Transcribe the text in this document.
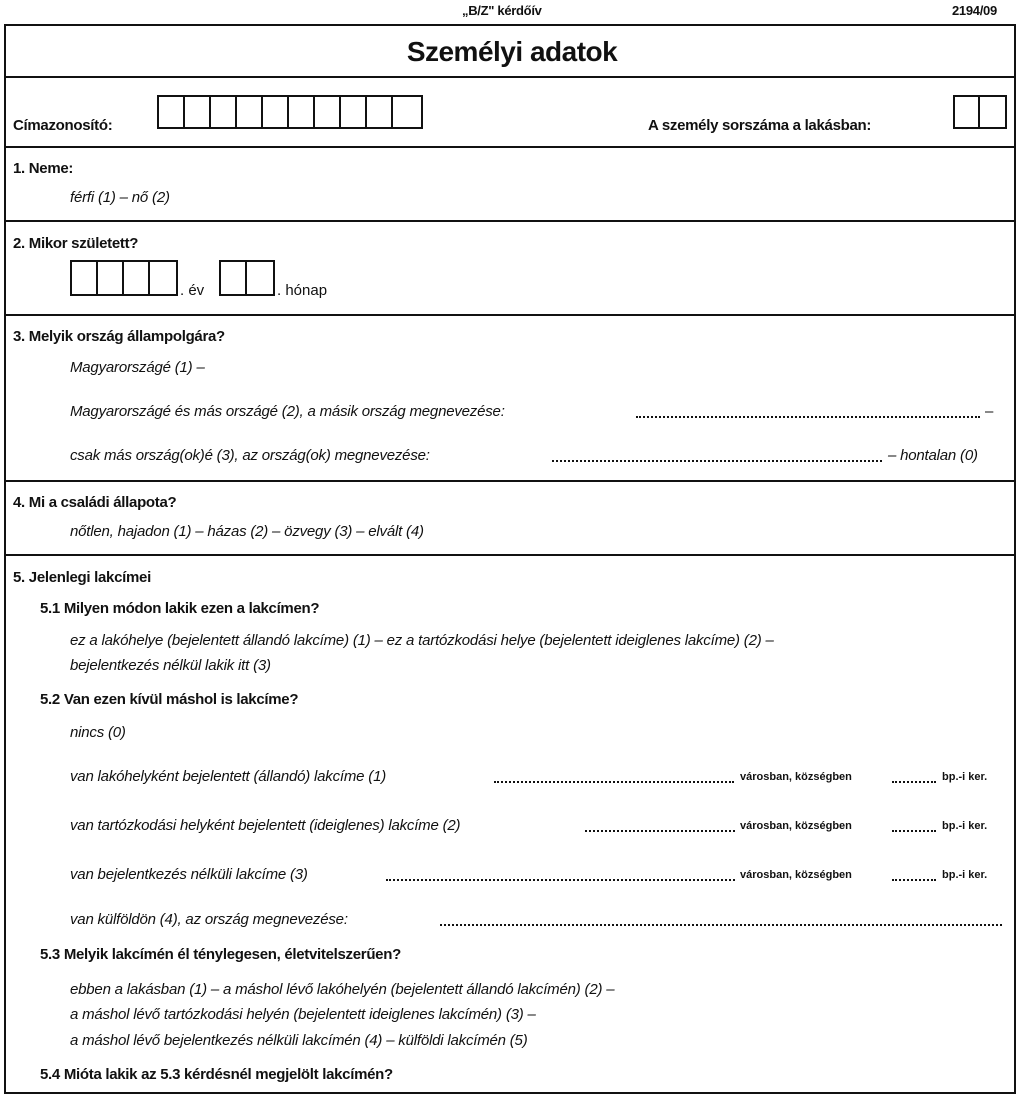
„B/Z" kérdőív	2194/09
Személyi adatok
Címazonosító:	A személy sorszáma a lakásban:
1. Neme:
férfi (1) – nő (2)
2. Mikor született?
. év	. hónap
3. Melyik ország állampolgára?
Magyarországé (1) –
Magyarországé és más országé (2), a másik ország megnevezése:	–
csak más ország(ok)é (3), az ország(ok) megnevezése:	– hontalan (0)
4. Mi a családi állapota?
nőtlen, hajadon (1) – házas (2) – özvegy (3) – elvált (4)
5. Jelenlegi lakcímei
5.1 Milyen módon lakik ezen a lakcímen?
ez a lakóhelye (bejelentett állandó lakcíme) (1) – ez a tartózkodási helye (bejelentett ideiglenes lakcíme) (2) –
bejelentkezés nélkül lakik itt (3)
5.2 Van ezen kívül máshol is lakcíme?
nincs (0)
van lakóhelyként bejelentett (állandó) lakcíme (1)	városban, községben	bp.-i ker.
van tartózkodási helyként bejelentett (ideiglenes) lakcíme (2)	városban, községben	bp.-i ker.
van bejelentkezés nélküli lakcíme (3)	városban, községben	bp.-i ker.
van külföldön (4), az ország megnevezése:
5.3 Melyik lakcímén él ténylegesen, életvitelszerűen?
ebben a lakásban (1) – a máshol lévő lakóhelyén (bejelentett állandó lakcímén) (2) –
a máshol lévő tartózkodási helyén (bejelentett ideiglenes lakcímén) (3) –
a máshol lévő bejelentkezés nélküli lakcímén (4) – külföldi lakcímén (5)
5.4 Mióta lakik az 5.3 kérdésnél megjelölt lakcímén?
